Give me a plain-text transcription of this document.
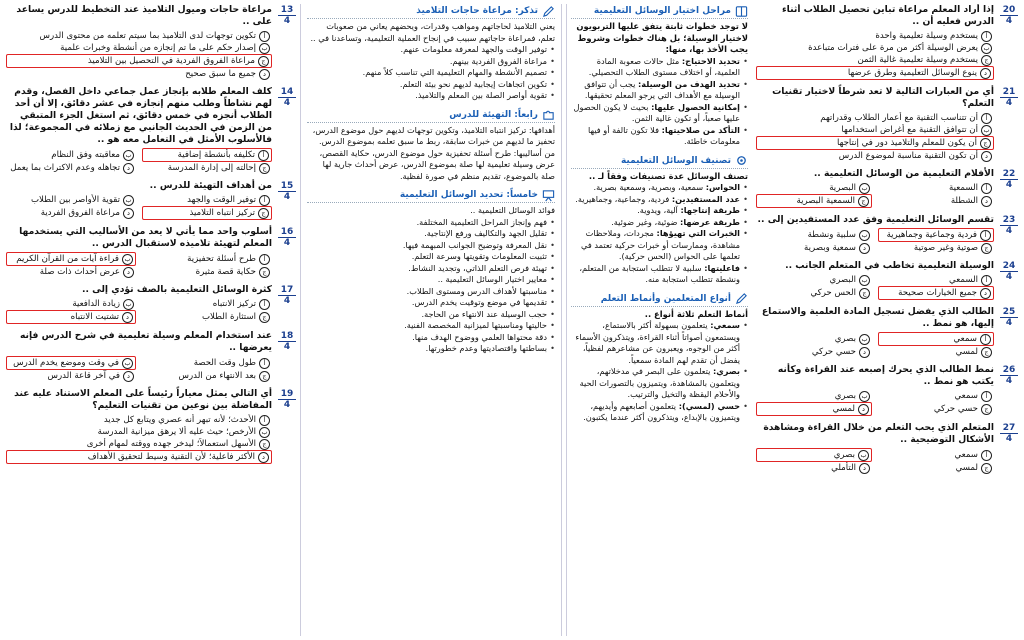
20
4
إذا أراد المعلم مراعاة تباين تحصيل الطلاب أثناء الدرس فعليه أن ..
أ
يستخدم وسيلة تعليمية واحدة
ب
يعرض الوسيلة أكثر من مرة على فترات متباعدة
ج
يستخدم وسيلة تعليمية غالية الثمن
د
ينوع الوسائل التعليمية وطرق عرضها
21
4
أي من العبارات التالية لا تعد شرطاً لاختيار تقنيات التعلم؟
أ
أن تتناسب التقنية مع أعمار الطلاب وقدراتهم
ب
أن تتوافق التقنية مع أغراض استخدامها
ج
أن يكون للمعلم والتلاميذ دور في إنتاجها
د
أن تكون التقنية مناسبة لموضوع الدرس
22
4
الأفلام التعليمية من الوسائل التعليمية ..
أ
السمعية
ب
البصرية
د
الشطلة
ج
السمعية البصرية
23
4
تقسم الوسائل التعليمية وفق عدد المستفيدين إلى ..
أ
فردية وجماعية وجماهيرية
ب
سلبية ونشطة
ج
صوتية وغير صوتية
د
سمعية وبصرية
24
4
الوسيلة التعليمية تخاطب في المتعلم الجانب ..
أ
السمعي
ب
البصري
د
جميع الخيارات صحيحة
ج
الحس حركي
25
4
الطالب الذي يفضل تسجيل المادة العلمية والاستماع إليها، هو نمط ..
أ
سمعي
ب
بصري
ج
لمسي
د
حسي حركي
26
4
نمط الطالب الذي يحرك إصبعه عند القراءة وكأنه يكتب هو نمط ..
أ
سمعي
ب
بصري
ج
حسي حركي
د
لمسي
27
4
المتعلم الذي يحب التعلم من خلال القراءة ومشاهدة الأشكال التوضيحية ..
أ
سمعي
ب
بصري
ج
لمسي
د
التأملي
مراحل اختيار الوسائل التعليمية
لا توجد خطوات ثابتة يتفق عليها التربويون لاختيار الوسيلة؛ بل هناك خطوات وشروط يجب الأخذ بها، منها:
• تحديد الاحتياج: مثل حالات صعوبة المادة العلمية، أو اختلاف مستوى الطلاب التحصيلي.
• تحديد الهدف من الوسيلة: يجب أن تتوافق الوسيلة مع الأهداف التي يرجو المعلم تحقيقها.
• إمكانية الحصول عليها: بحيث لا يكون الحصول عليها صعباً، أو تكون غالية الثمن.
• التأكد من صلاحيتها: فلا تكون تالفة أو فيها معلومات خاطئة.
تصنيف الوسائل التعليمية
تصنف الوسائل عدة تصنيفات وفقاً لـ ..
• الحواس: سمعية، وبصرية، وسمعية بصرية.
• عدد المستفيدين: فردية، وجماعية، وجماهيرية.
• طريقة إنتاجها: آلية، ويدوية.
• طريقة عرضها: ضوئية، وغير ضوئية.
• الخبرات التي تهيؤها: مجردات، وملاحظات مشاهدة، وممارسات أو خبرات حركية تعتمد في تعلمها على الحواس (الحس حركية).
• فاعليتها: سلبية لا تتطلب استجابة من المتعلم، ونشطة تتطلب استجابة منه.
أنواع المتعلمين وأنماط التعلم
أنماط التعلم ثلاثة أنواع ..
• سمعي: يتعلمون بسهولة أكثر بالاستماع، ويستمعون أصواتاً أثناء القراءة، ويتذكرون الأسماء أكثر من الوجوه، ويعبرون عن مشاعرهم لفظياً، يفضل أن تقدم لهم المادة سمعياً.
• بصري: يتعلمون على البصر في مدخلاتهم، ويتعلمون بالمشاهدة، ويتميزون بالتصورات الحية والأحلام اليقظة والتخيل والترتيب.
• حسي (لمسي): يتعلمون أصابعهم وأيديهم، ويتميزون بالإبداع، ويتذكرون أكثر عندما يكتبون.
تذكر: مراعاة حاجات التلاميذ
يعني التلاميذ لحاجاتهم ومواهب وقدرات، ويحضهم يعاني من صعوبات تعلم، فمراعاة حاجاتهم سبيب في إنجاح العملية التعليمية، وتساعدنا في ..
• توفير الوقت والجهد لمعرفة معلومات عنهم.
• مراعاة الفروق الفردية بينهم.
• تصميم الأنشطة والمهام التعليمية التي تناسب كلاً منهم.
• تكوين اتجاهات إيجابية لديهم نحو بيئة التعلم.
• تقوية أواصر الصلة بين المعلم والتلاميذ.
رابعاً: التهيئة للدرس
أهدافها: تركيز انتباه التلاميذ، وتكوين توجهات لديهم حول موضوع الدرس، تحفيز ما لديهم من خبرات سابقة، ربط ما سبق تعلمه بموضوع الدرس.
من أساليبها: طرح أسئلة تحفيزية حول موضوع الدرس، حكاية القصص، عرض وسيلة تعليمية لها صلة بموضوع الدرس، عرض أحداث جارية لها صلة بالموضوع، تقديم منظم في صورة لفظية.
خامساً: تحديد الوسائل التعليمية
فوائد الوسائل التعليمية ..
• فهم وإنجاز المراحل التعليمية المختلفة.
• تقليل الجهد والتكاليف ورفع الإنتاجية.
• نقل المعرفة وتوضيح الجوانب المبهمة فيها.
• تثبيت المعلومات وتقويتها وسرعة التعلم.
• تهيئة فرص التعلم الذاتي، وتجديد النشاط.
• معايير اختيار الوسائل التعليمية ..
• مناسبتها لأهداف الدرس ومستوى الطلاب.
• تقديمها في موضع وتوقيت يخدم الدرس.
• حجب الوسيلة عند الانتهاء من الحاجة.
• حاليتها ومناسبتها لميزانية المخصصة الفنية.
• دقة محتواها العلمي ووضوح الهدف منها.
• بساطتها واقتصاديتها وعدم خطورتها.
13
4
مراعاة حاجات وميول التلاميذ عند التخطيط للدرس يساعد على ..
أ
تكوين توجهات لدى التلاميذ بما سيتم تعلمه من محتوى الدرس
ب
إصدار حكم على ما تم إنجازه من أنشطة وخبرات علمية
ج
مراعاة الفروق الفردية في التحصيل بين التلاميذ
د
جميع ما سبق صحيح
14
4
كلف المعلم طلابه بإنجاز عمل جماعي داخل الفصل، وقدم لهم نشاطاً وطلب منهم إنجازه في عشر دقائق، إلا أن أحد الطلاب أنجزه في خمس دقائق، ثم استغل الجزء المتبقي من الزمن في الحديث الجانبي مع زملائه في المجموعة؛ لذا فالأسلوب الأمثل في التعامل معه هو ..
أ
تكليفه بأنشطة إضافية
ب
معاقبته وفق النظام
ج
إحالته إلى إدارة المدرسة
د
تجاهله وعدم الاكتراث بما يعمل
15
4
من أهداف التهيئة للدرس ..
أ
توفير الوقت والجهد
ب
تقوية الأواصر بين الطلاب
ج
تركيز انتباه التلاميذ
د
مراعاة الفروق الفردية
16
4
أسلوب واحد مما يأتي لا يعد من الأساليب التي يستخدمها المعلم لتهيئة تلاميذه لاستقبال الدرس ..
أ
طرح أسئلة تحفيزية
ب
قراءة آيات من القرآن الكريم
ج
حكاية قصة مثيرة
د
عرض أحداث ذات صلة
17
4
كثرة الوسائل التعليمية بالصف تؤدي إلى ..
أ
تركيز الانتباه
ب
زيادة الدافعية
ج
استثارة الطلاب
د
تشتيت الانتباه
18
4
عند استخدام المعلم وسيلة تعليمية في شرح الدرس فإنه يعرضها ..
أ
طول وقت الحصة
ب
في وقت وموضع يخدم الدرس
ج
بعد الانتهاء من الدرس
د
في آخر قاعة الدرس
19
4
أي التالي يمثل معياراً رئيساً على المعلم الاستناد عليه عند المفاضلة بين نوعين من تقنيات التعليم؟
أ
الأحدث؛ لأنه تبهر أنه عصري ويتابع كل جديد
ب
الأرخص؛ حيث عليه ألا يرهق ميزانية المدرسة
ج
الأسهل استعمالاً؛ ليدخر جهده ووقته لمهام أخرى
د
الأكثر فاعلية؛ لأن التقنية وسيط لتحقيق الأهداف
